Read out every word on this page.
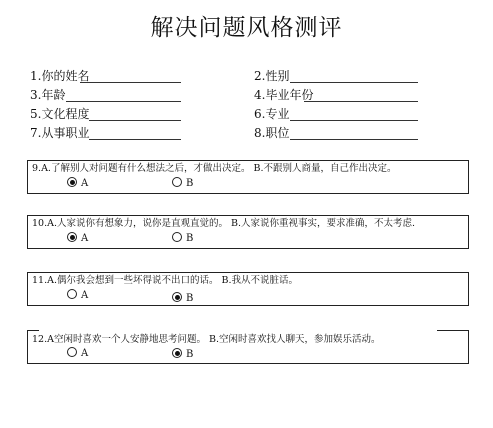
解决问题风格测评
1.你的姓名	2.性别
3.年龄	4.毕业年份
5.文化程度	6.专业
7.从事职业	8.职位
9.A.了解别人对问题有什么想法之后，才做出决定。 B.不跟别人商量，自己作出决定。
A	B
10.A.人家说你有想象力，说你是直观直觉的。 B.人家说你重视事实，要求准确，不太考虑.
A	B
11.A.偶尔我会想到一些坏得说不出口的话。 B.我从不说脏话。
A	B
12.A空闲时喜欢一个人安静地思考问题。 B.空闲时喜欢找人聊天，参加娱乐活动。
A	B
